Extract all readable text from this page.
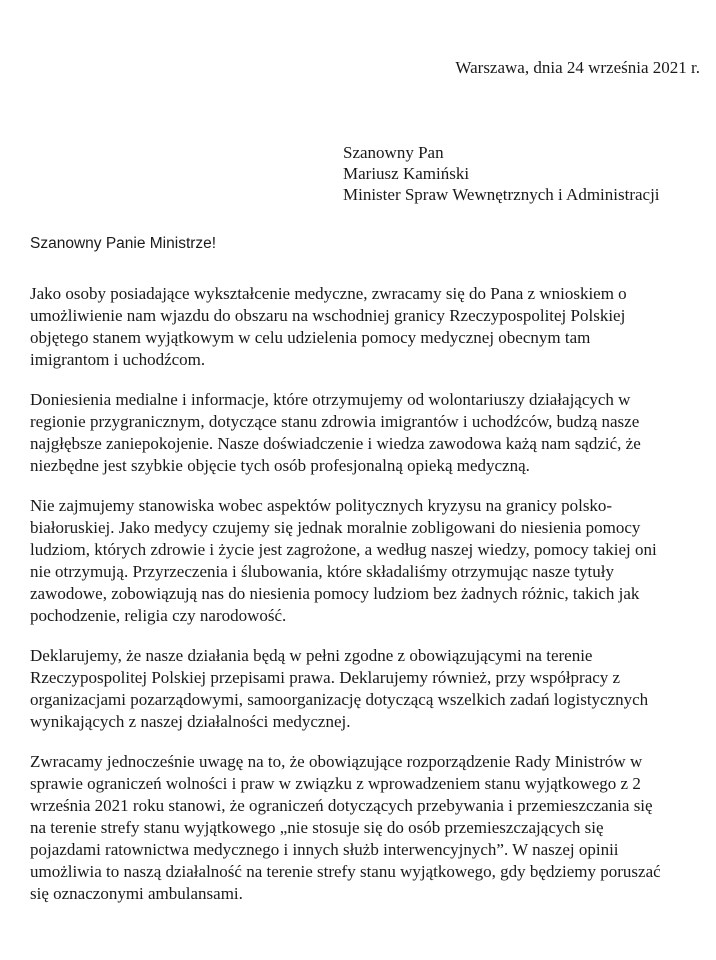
Warszawa, dnia 24 września 2021 r.
Szanowny Pan
Mariusz Kamiński
Minister Spraw Wewnętrznych i Administracji
Szanowny Panie Ministrze!
Jako osoby posiadające wykształcenie medyczne, zwracamy się do Pana z wnioskiem o
umożliwienie nam wjazdu do obszaru na wschodniej granicy Rzeczypospolitej Polskiej
objętego stanem wyjątkowym w celu udzielenia pomocy medycznej obecnym tam
imigrantom i uchodźcom.
Doniesienia medialne i informacje, które otrzymujemy od wolontariuszy działających w
regionie przygranicznym, dotyczące stanu zdrowia imigrantów i uchodźców, budzą nasze
najgłębsze zaniepokojenie. Nasze doświadczenie i wiedza zawodowa każą nam sądzić, że
niezbędne jest szybkie objęcie tych osób profesjonalną opieką medyczną.
Nie zajmujemy stanowiska wobec aspektów politycznych kryzysu na granicy polsko-
białoruskiej. Jako medycy czujemy się jednak moralnie zobligowani do niesienia pomocy
ludziom, których zdrowie i życie jest zagrożone, a według naszej wiedzy, pomocy takiej oni
nie otrzymują. Przyrzeczenia i ślubowania, które składaliśmy otrzymując nasze tytuły
zawodowe, zobowiązują nas do niesienia pomocy ludziom bez żadnych różnic, takich jak
pochodzenie, religia czy narodowość.
Deklarujemy, że nasze działania będą w pełni zgodne z obowiązującymi na terenie
Rzeczypospolitej Polskiej przepisami prawa. Deklarujemy również, przy współpracy z
organizacjami pozarządowymi, samoorganizację dotyczącą wszelkich zadań logistycznych
wynikających z naszej działalności medycznej.
Zwracamy jednocześnie uwagę na to, że obowiązujące rozporządzenie Rady Ministrów w
sprawie ograniczeń wolności i praw w związku z wprowadzeniem stanu wyjątkowego z 2
września 2021 roku stanowi, że ograniczeń dotyczących przebywania i przemieszczania się
na terenie strefy stanu wyjątkowego „nie stosuje się do osób przemieszczających się
pojazdami ratownictwa medycznego i innych służb interwencyjnych”. W naszej opinii
umożliwia to naszą działalność na terenie strefy stanu wyjątkowego, gdy będziemy poruszać
się oznaczonymi ambulansami.
